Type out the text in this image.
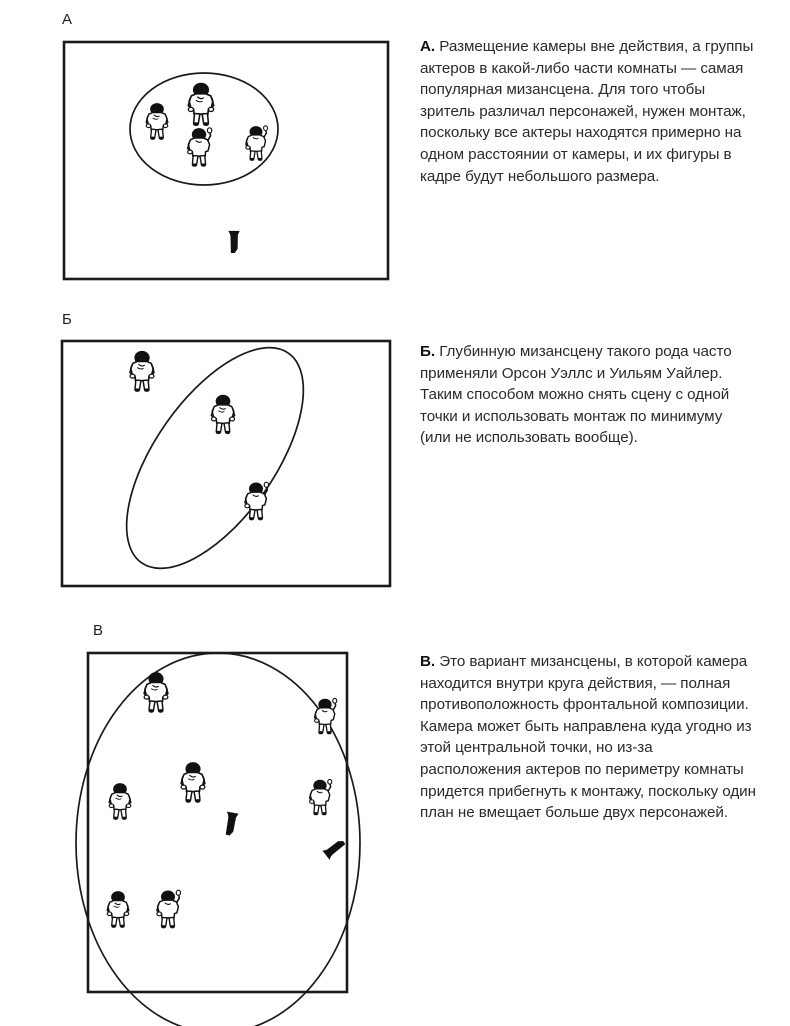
A
Б
В
A. Размещение камеры вне действия, а группы актеров в какой-либо части комнаты — самая популярная мизансцена. Для того чтобы зритель различал персонажей, нужен монтаж, поскольку все актеры находятся примерно на одном расстоянии от камеры, и их фигуры в кадре будут небольшого размера.
Б. Глубинную мизансцену такого рода часто применяли Орсон Уэллс и Уильям Уайлер. Таким способом можно снять сцену с одной точки и использовать монтаж по минимуму (или не использовать вообще).
В. Это вариант мизансцены, в которой камера находится внутри круга действия, — полная противоположность фронтальной композиции. Камера может быть направлена куда угодно из этой центральной точки, но из-за расположения актеров по периметру комнаты придется прибегнуть к монтажу, поскольку один план не вмещает больше двух персонажей.
